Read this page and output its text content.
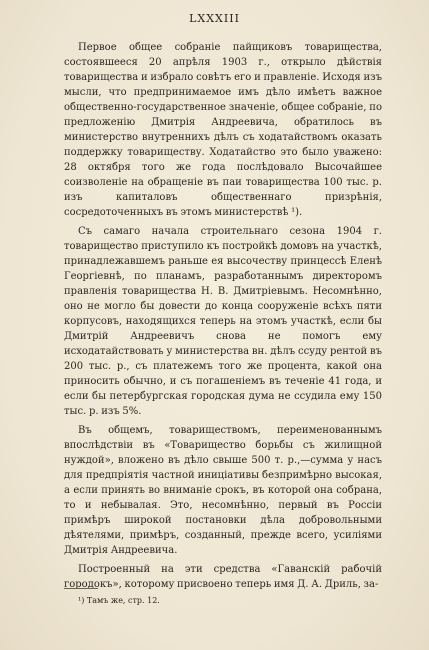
LXXXIII

Первое общее собраніе пайщиковъ товарищества, состоявшееся 20 апрѣля 1903 г., открыло дѣйствія товарищества и избрало совѣтъ его и правленіе. Исходя изъ мысли, что предпринимаемое имъ дѣло имѣетъ важное общественно-государственное значеніе, общее собраніе, по предложенію Дмитрія Андреевича, обратилось въ министерство внутреннихъ дѣлъ съ ходатайствомъ оказать поддержку товариществу. Ходатайство это было уважено: 28 октября того же года послѣдовало Высочайшее соизволеніе на обращеніе въ паи товарищества 100 тыс. р. изъ капиталовъ общественнаго призрѣнія, сосредоточенныхъ въ этомъ министерствѣ ¹).

Съ самаго начала строительнаго сезона 1904 г. товарищество приступило къ постройкѣ домовъ на участкѣ, принадлежавшемъ раньше ея высочеству принцессѣ Еленѣ Георгіевнѣ, по планамъ, разработаннымъ директоромъ правленія товарищества Н. В. Дмитріевымъ. Несомнѣнно, оно не могло бы довести до конца сооруженіе всѣхъ пяти корпусовъ, находящихся теперь на этомъ участкѣ, если бы Дмитрій Андреевичъ снова не помогъ ему исходатайствовать у министерства вн. дѣлъ ссуду рентой въ 200 тыс. р., съ платежемъ того же процента, какой она приносить обычно, и съ погашеніемъ въ теченіе 41 года, и если бы петербургская городская дума не ссудила ему 150 тыс. р. изъ 5%.

Въ общемъ, товариществомъ, переименованнымъ впослѣдствіи въ «Товарищество борьбы съ жилищной нуждой», вложено въ дѣло свыше 500 т. р.,—сумма у насъ для предпріятія частной иниціативы безпримѣрно высокая, а если принять во вниманіе срокъ, въ которой она собрана, то и небывалая. Это, несомнѣнно, первый въ Россіи примѣръ широкой постановки дѣла добровольными дѣятелями, примѣръ, созданный, прежде всего, усиліями Дмитрія Андреевича.

Построенный на эти средства «Гаванскій рабочій городокъ», которому присвоено теперь имя Д. А. Дриль, за-

¹) Тамъ же, стр. 12.
